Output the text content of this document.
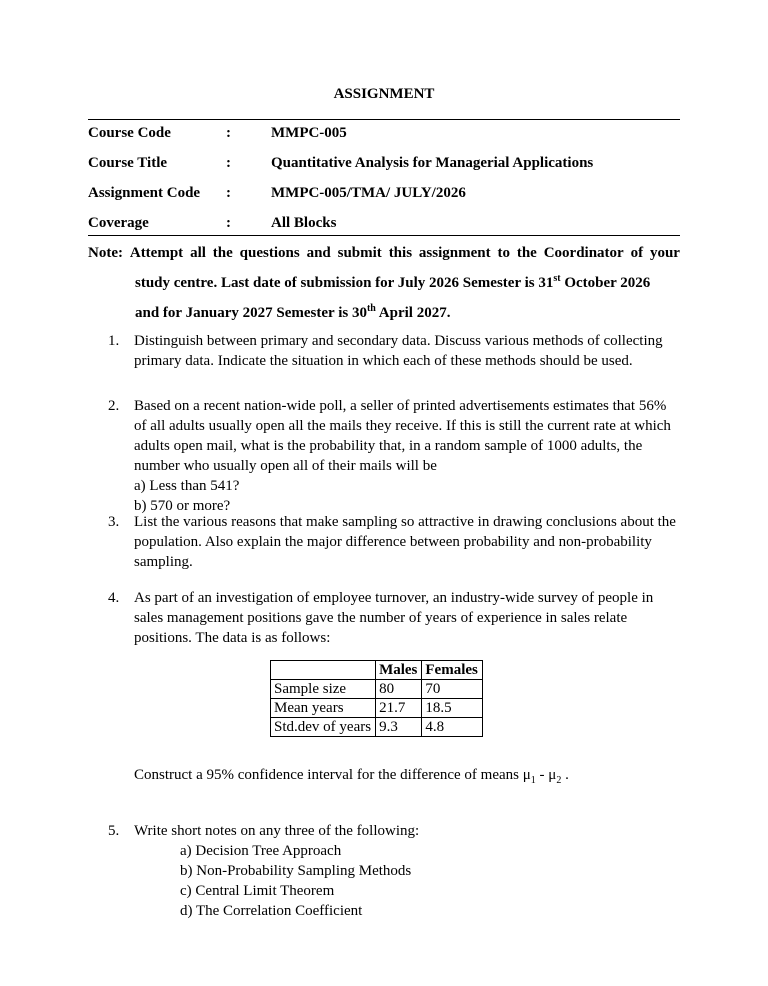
ASSIGNMENT
Course Code	:	MMPC-005
Course Title	:	Quantitative Analysis for Managerial Applications
Assignment Code :	MMPC-005/TMA/ JULY/2026
Coverage	:	All Blocks
Note: Attempt all the questions and submit this assignment to the Coordinator of your
study centre. Last date of submission for July 2026 Semester is 31st October 2026
and for January 2027 Semester is 30th April 2027.
1. Distinguish between primary and secondary data. Discuss various methods of collecting primary data. Indicate the situation in which each of these methods should be used.

2. Based on a recent nation-wide poll, a seller of printed advertisements estimates that 56% of all adults usually open all the mails they receive. If this is still the current rate at which adults open mail, what is the probability that, in a random sample of 1000 adults, the number who usually open all of their mails will be

a) Less than 541?
b) 570 or more?
3. List the various reasons that make sampling so attractive in drawing conclusions about the population. Also explain the major difference between probability and non-probability sampling.

4. As part of an investigation of employee turnover, an industry-wide survey of people in sales management positions gave the number of years of experience in sales relate positions. The data is as follows:

	Males	Females
Sample size	80	70
Mean years	21.7	18.5
Std.dev of years	9.3	4.8
Construct a 95% confidence interval for the difference of means $\mu_1 - \mu_2$ .
5. Write short notes on any three of the following:

a) Decision Tree Approach
b) Non-Probability Sampling Methods
c) Central Limit Theorem
d) The Correlation Coefficient
